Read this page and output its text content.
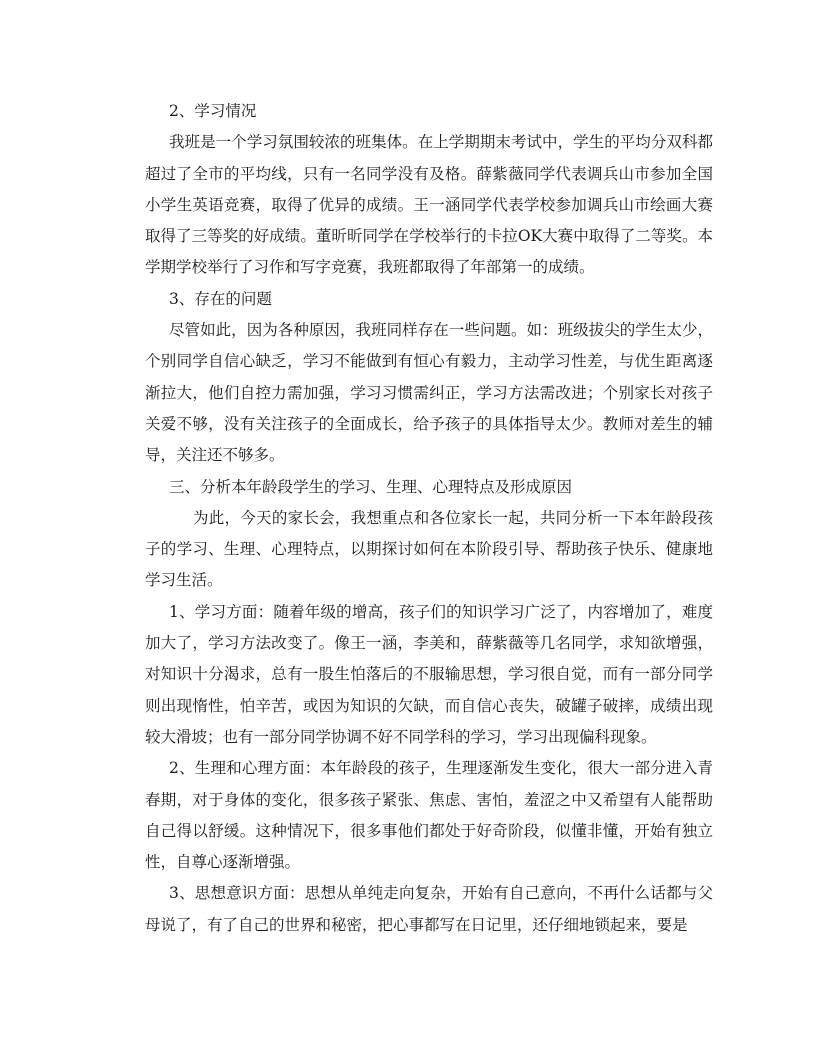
2、学习情况

我班是一个学习氛围较浓的班集体。在上学期期末考试中，学生的平均分双科都超过了全市的平均线，只有一名同学没有及格。薛紫薇同学代表调兵山市参加全国小学生英语竞赛，取得了优异的成绩。王一涵同学代表学校参加调兵山市绘画大赛取得了三等奖的好成绩。董昕昕同学在学校举行的卡拉OK大赛中取得了二等奖。本学期学校举行了习作和写字竞赛，我班都取得了年部第一的成绩。

3、存在的问题

尽管如此，因为各种原因，我班同样存在一些问题。如：班级拔尖的学生太少，个别同学自信心缺乏，学习不能做到有恒心有毅力，主动学习性差，与优生距离逐渐拉大，他们自控力需加强，学习习惯需纠正，学习方法需改进；个别家长对孩子关爱不够，没有关注孩子的全面成长，给予孩子的具体指导太少。教师对差生的辅导，关注还不够多。

三、分析本年龄段学生的学习、生理、心理特点及形成原因

为此，今天的家长会，我想重点和各位家长一起，共同分析一下本年龄段孩子的学习、生理、心理特点，以期探讨如何在本阶段引导、帮助孩子快乐、健康地学习生活。

1、学习方面：随着年级的增高，孩子们的知识学习广泛了，内容增加了，难度加大了，学习方法改变了。像王一涵，李美和，薛紫薇等几名同学，求知欲增强，对知识十分渴求，总有一股生怕落后的不服输思想，学习很自觉，而有一部分同学则出现惰性，怕辛苦，或因为知识的欠缺，而自信心丧失，破罐子破摔，成绩出现较大滑坡；也有一部分同学协调不好不同学科的学习，学习出现偏科现象。

2、生理和心理方面：本年龄段的孩子，生理逐渐发生变化，很大一部分进入青春期，对于身体的变化，很多孩子紧张、焦虑、害怕，羞涩之中又希望有人能帮助自己得以舒缓。这种情况下，很多事他们都处于好奇阶段，似懂非懂，开始有独立性，自尊心逐渐增强。

3、思想意识方面：思想从单纯走向复杂，开始有自己意向，不再什么话都与父母说了，有了自己的世界和秘密，把心事都写在日记里，还仔细地锁起来，要是
